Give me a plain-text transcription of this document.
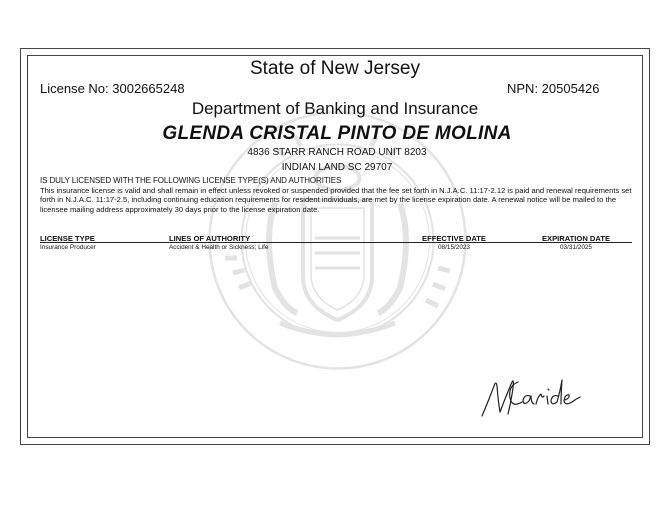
State of New Jersey
License No: 3002665248	NPN: 20505426
Department of Banking and Insurance
GLENDA CRISTAL PINTO DE MOLINA
4836 STARR RANCH ROAD UNIT 8203
INDIAN LAND SC 29707
IS DULY LICENSED WITH THE FOLLOWING LICENSE TYPE(S) AND AUTHORITIES
This insurance license is valid and shall remain in effect unless revoked or suspended provided that the fee set forth in N.J.A.C. 11:17-2.12 is paid and renewal requirements set forth in N.J.A.C. 11:17-2.5, including continuing education requirements for resident individuals, are met by the license expiration date. A renewal notice will be mailed to the licensee mailing address approximately 30 days prior to the license expiration date.
LICENSE TYPE	LINES OF AUTHORITY	EFFECTIVE DATE	EXPIRATION DATE
Insurance Producer	Accident & Health or Sickness; Life	08/15/2023	03/31/2025
